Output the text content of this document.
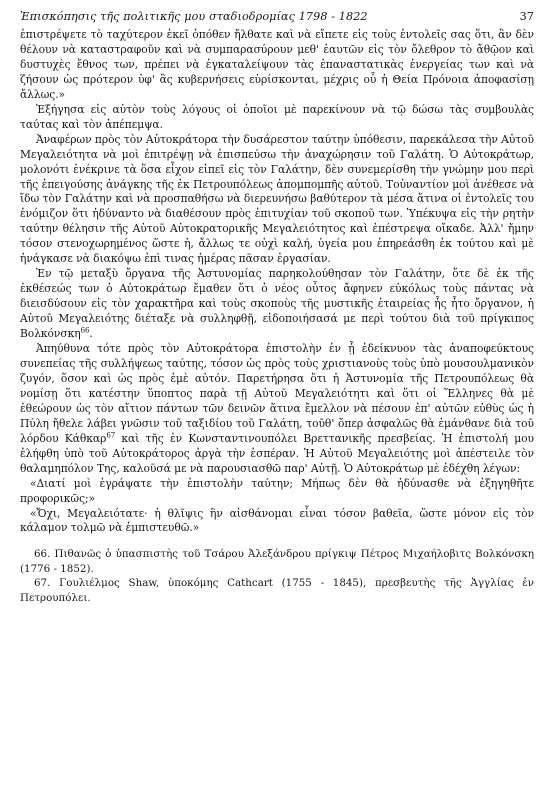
Ἐπισκόπησις τῆς πολιτικῆς μου σταδιοδρομίας 1798 - 1822	37

ἐπιστρέψετε τὸ ταχύτερον ἐκεῖ ὁπόθεν ἤλθατε καὶ νὰ εἴπετε εἰς τοὺς ἐντολεῖς σας ὅτι, ἂν δὲν θέλουν νὰ καταστραφοῦν καὶ νὰ συμπαρασύρουν μεθ' ἑαυτῶν εἰς τὸν ὄλεθρον τὸ ἄθῷον καὶ δυστυχὲς ἔθνος των, πρέπει νὰ ἐγκαταλείψουν τὰς ἐπαναστατικὰς ἐνεργείας των καὶ νὰ ζήσουν ὡς πρότερον ὑφ' ἃς κυβερνήσεις εὑρίσκονται, μέχρις οὗ ἡ Θεία Πρόνοια ἀποφασίσῃ ἄλλως.»

Ἐξήγησα εἰς αὐτὸν τοὺς λόγους οἱ ὁποῖοι μὲ παρεκίνουν νὰ τῷ δώσω τὰς συμβουλὰς ταύτας καὶ τὸν ἀπέπεμψα.

Ἀναφέρων πρὸς τὸν Αὐτοκράτορα τὴν δυσάρεστον ταύτην ὑπόθεσιν, παρεκάλεσα τὴν Αὐτοῦ Μεγαλειότητα νὰ μοὶ ἐπιτρέψῃ νὰ ἐπισπεύσω τὴν ἀναχώρησιν τοῦ Γαλάτη. Ὁ Αὐτοκράτωρ, μολονότι ἐνέκρινε τὰ ὅσα εἶχον εἰπεῖ εἰς τὸν Γαλάτην, δὲν συνεμερίσθη τὴν γνώμην μου περὶ τῆς ἐπειγούσης ἀνάγκης τῆς ἐκ Πετρουπόλεως ἀπομπομπῆς αὐτοῦ. Τοὐναντίον μοὶ ἀνέθεσε νὰ ἴδω τὸν Γαλάτην καὶ νὰ προσπαθήσω νὰ διερευνήσω βαθύτερον τὰ μέσα ἅτινα οἱ ἐντολεῖς του ἐνόμιζον ὅτι ἠδύναντο νὰ διαθέσουν πρὸς ἐπιτυχίαν τοῦ σκοποῦ των. Ὑπέκυψα εἰς τὴν ρητὴν ταύτην θέλησιν τῆς Αὐτοῦ Αὐτοκρατορικῆς Μεγαλειότητος καὶ ἐπέστρεψα οἴκαδε. Ἀλλ' ἤμην τόσον στενοχωρημένος ὥστε ἡ, ἄλλως τε οὐχὶ καλή, ὑγεία μου ἐπηρεάσθη ἐκ τούτου καὶ μὲ ἠνάγκασε νὰ διακόψω ἐπὶ τινας ἡμέρας πᾶσαν ἐργασίαν.

Ἐν τῷ μεταξὺ ὄργανα τῆς Ἀστυνομίας παρηκολούθησαν τὸν Γαλάτην, ὅτε δὲ ἐκ τῆς ἐκθέσεώς των ὁ Αὐτοκράτωρ ἔμαθεν ὅτι ὁ νέος οὗτος ἄφηνεν εὐκόλως τοὺς πάντας νὰ διεισδύσουν εἰς τὸν χαρακτῆρα καὶ τοὺς σκοποὺς τῆς μυστικῆς ἑταιρείας ἧς ἦτο ὄργανον, ἡ Αὐτοῦ Μεγαλειότης διέταξε νὰ συλληφθῇ, εἰδοποιήσασά με περὶ τούτου διὰ τοῦ πρίγκιπος Βολκόνσκη$^{66}$.

Ἀπηύθυνα τότε πρὸς τὸν Αὐτοκράτορα ἐπιστολὴν ἐν ᾗ ἐδείκνυον τὰς ἀναποφεύκτους συνεπείας τῆς συλλήψεως ταύτης, τόσον ὡς πρὸς τοὺς χριστιανοὺς τοὺς ὑπὸ μουσουλμανικὸν ζυγόν, ὅσον καὶ ὡς πρὸς ἐμὲ αὐτόν. Παρετήρησα ὅτι ἡ Ἀστυνομία τῆς Πετρουπόλεως θὰ νομίσῃ ὅτι κατέστην ὕποπτος παρὰ τῇ Αὐτοῦ Μεγαλειότητι καὶ ὅτι οἱ Ἕλληνες θὰ μὲ ἐθεώρουν ὡς τὸν αἴτιον πάντων τῶν δεινῶν ἅτινα ἔμελλον νὰ πέσουν ἐπ' αὐτῶν εὐθὺς ὡς ἡ Πύλη ἤθελε λάβει γνῶσιν τοῦ ταξιδίου τοῦ Γαλάτη, τοῦθ' ὅπερ ἀσφαλῶς θὰ ἐμάνθανε διὰ τοῦ λόρδου Κάθκαρ$^{67}$ καὶ τῆς ἐν Κωνσταντινουπόλει Βρεττανικῆς πρεσβείας. Ἡ ἐπιστολή μου ἐλήφθη ὑπὸ τοῦ Αὐτοκράτορος ἀργὰ τὴν ἑσπέραν. Ἡ Αὐτοῦ Μεγαλειότης μοὶ ἀπέστειλε τὸν θαλαμηπόλον Της, καλοῦσά με νὰ παρουσιασθῶ παρ' Αὐτῇ. Ὁ Αὐτοκράτωρ μὲ ἐδέχθη λέγων:

«Διατί μοὶ ἐγράψατε τὴν ἐπιστολὴν ταύτην; Μήπως δὲν θὰ ἠδύνασθε νὰ ἐξηγηθῆτε προφορικῶς;»

«Ὄχι, Μεγαλειότατε· ἡ θλῖψις ἣν αἰσθάνομαι εἶναι τόσον βαθεῖα, ὥστε μόνον εἰς τὸν κάλαμον τολμῶ νὰ ἐμπιστευθῶ.»

66. Πιθανῶς ὁ ὑπασπιστὴς τοῦ Τσάρου Ἀλεξάνδρου πρίγκιψ Πέτρος Μιχαήλοβιτς Βολκόνσκη (1776 - 1852).

67. Γουλιέλμος Shaw, ὑποκόμης Cathcart (1755 - 1845), πρεσβευτὴς τῆς Ἀγγλίας ἐν Πετρουπόλει.
